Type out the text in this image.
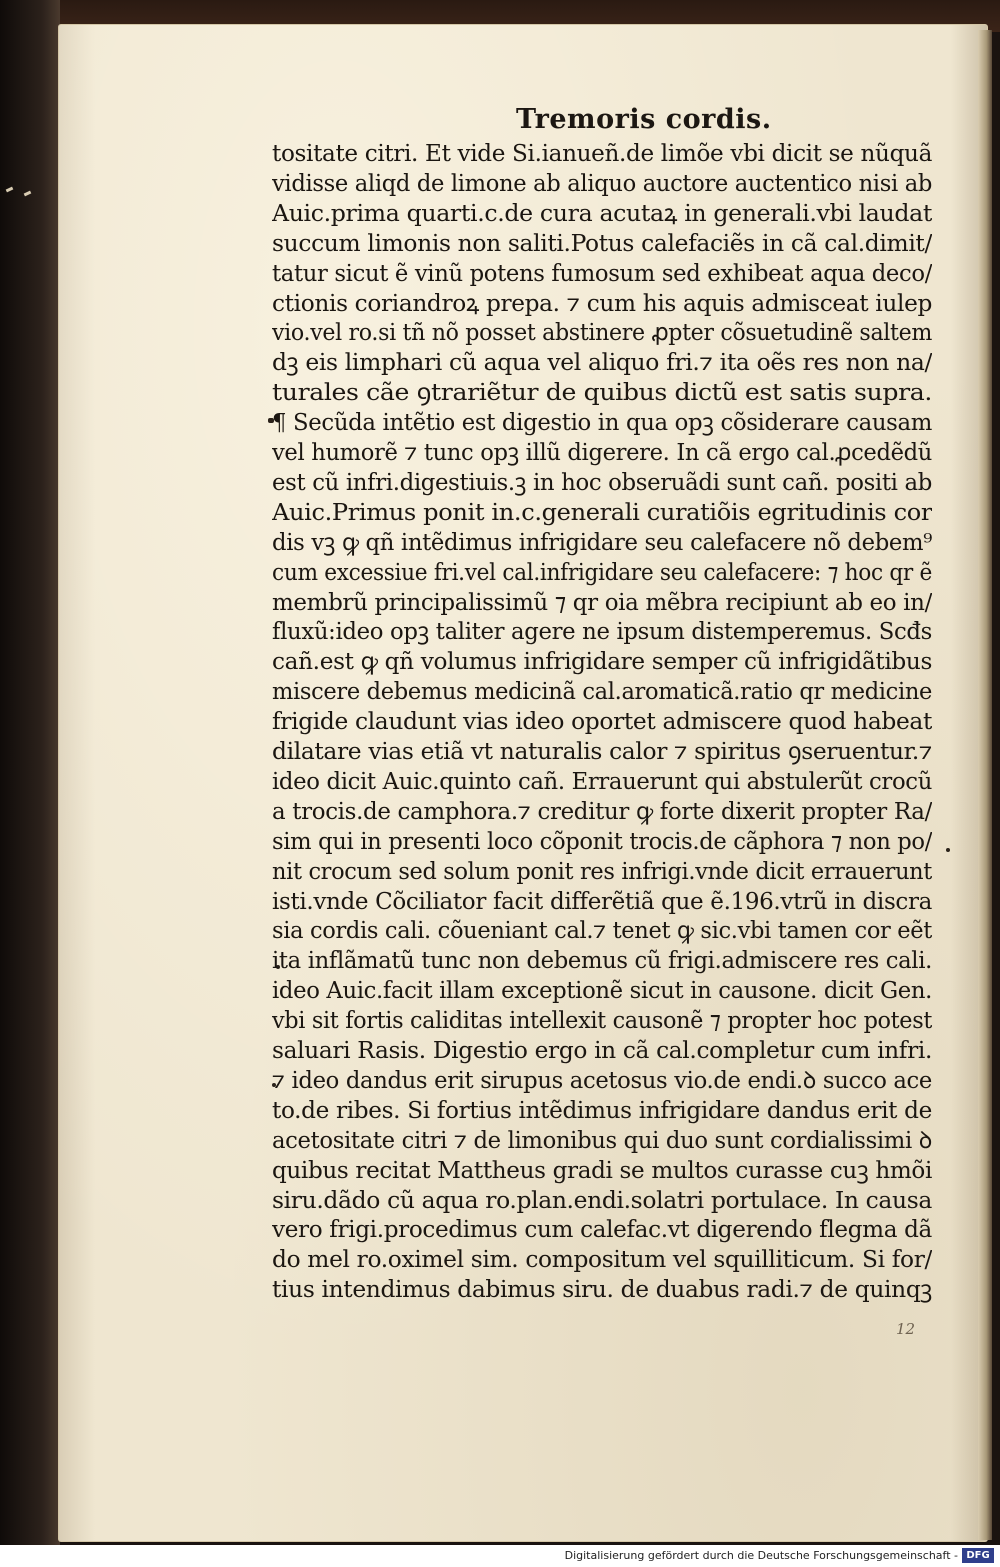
Tremoris cordis.
tositate citri. Et vide Si.ianueñ.de limõe vbi dicit se nũquã
vidisse aliqd de limone ab aliquo auctore auctentico nisi ab
Auic.prima quarti.c.de cura acutaꝝ in generali.vbi laudat
succum limonis non saliti.Potus calefaciẽs in cã cal.dimit/
tatur sicut ẽ vinũ potens fumosum sed exhibeat aqua deco/
ctionis coriandroꝝ prepa. ⁊ cum his aquis admisceat iulep
vio.vel ro.si tñ nõ posset abstinere ꝓpter cõsuetudinẽ saltem
dꝫ eis limphari cũ aqua vel aliquo fri.⁊ ita oẽs res non na/
turales cãe ꝯtrariẽtur de quibus dictũ est satis supra.
¶ Secũda intẽtio est digestio in qua opꝫ cõsiderare causam
vel humorẽ ⁊ tunc opꝫ illũ digerere. In cã ergo cal.ꝓcedẽdũ
est cũ infri.digestiuis.ꝫ in hoc obseruãdi sunt cañ. positi ab
Auic.Primus ponit in.c.generali curatiõis egritudinis cor
dis vꝫ ꝙ qñ intẽdimus infrigidare seu calefacere nõ debem⁹
cum excessiue fri.vel cal.infrigidare seu calefacere: ⁊ hoc qr ẽ
membrũ principalissimũ ⁊ qr oia mẽbra recipiunt ab eo in/
fluxũ:ideo opꝫ taliter agere ne ipsum distemperemus. Scđs
cañ.est ꝙ qñ volumus infrigidare semper cũ infrigidãtibus
miscere debemus medicinã cal.aromaticã.ratio qr medicine
frigide claudunt vias ideo oportet admiscere quod habeat
dilatare vias etiã vt naturalis calor ⁊ spiritus ꝯseruentur.⁊
ideo dicit Auic.quinto cañ. Errauerunt qui abstulerũt crocũ
a trocis.de camphora.⁊ creditur ꝙ forte dixerit propter Ra/
sim qui in presenti loco cõponit trocis.de cãphora ⁊ non po/
nit crocum sed solum ponit res infrigi.vnde dicit errauerunt
isti.vnde Cõciliator facit differẽtiã que ẽ.196.vtrũ in discra
sia cordis cali. cõueniant cal.⁊ tenet ꝙ sic.vbi tamen cor eẽt
ita inflãmatũ tunc non debemus cũ frigi.admiscere res cali.
ideo Auic.facit illam exceptionẽ sicut in causone. dicit Gen.
vbi sit fortis caliditas intellexit causonẽ ⁊ propter hoc potest
saluari Rasis. Digestio ergo in cã cal.completur cum infri.
⁊ ideo dandus erit sirupus acetosus vio.de endi.ꝺ succo ace
to.de ribes. Si fortius intẽdimus infrigidare dandus erit de
acetositate citri ⁊ de limonibus qui duo sunt cordialissimi ꝺ
quibus recitat Mattheus gradi se multos curasse cuꝫ hmõi
siru.dãdo cũ aqua ro.plan.endi.solatri portulace. In causa
vero frigi.procedimus cum calefac.vt digerendo flegma dã
do mel ro.oximel sim. compositum vel squilliticum. Si for/
tius intendimus dabimus siru. de duabus radi.⁊ de quinqꝫ
12
Digitalisierung gefördert durch die Deutsche Forschungsgemeinschaft - DFG
